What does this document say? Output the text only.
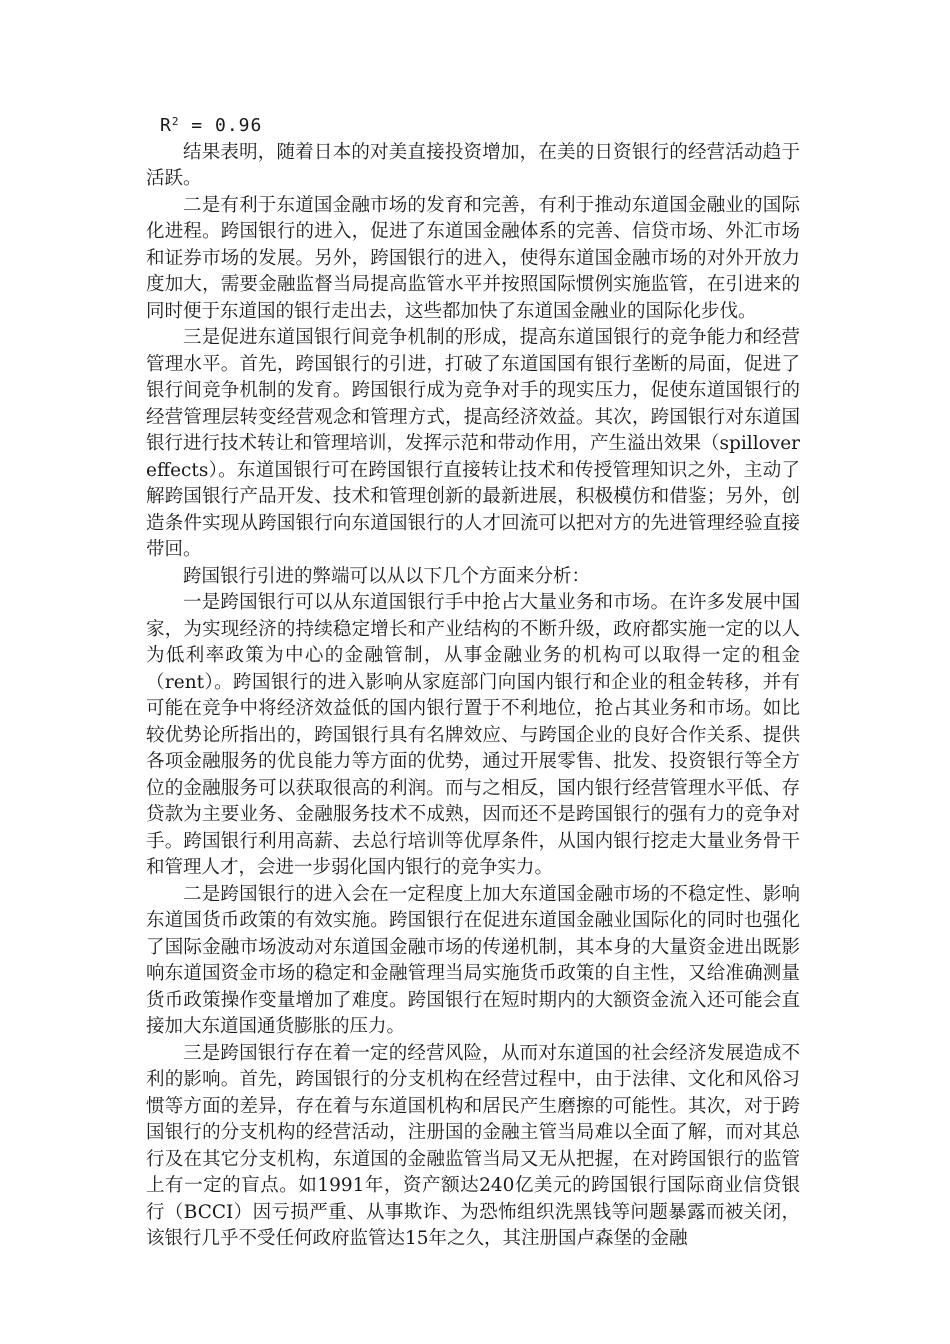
$R^2 = 0.96$

结果表明，随着日本的对美直接投资增加，在美的日资银行的经营活动趋于活跃。

二是有利于东道国金融市场的发育和完善，有利于推动东道国金融业的国际化进程。跨国银行的进入，促进了东道国金融体系的完善、信贷市场、外汇市场和证券市场的发展。另外，跨国银行的进入，使得东道国金融市场的对外开放力度加大，需要金融监督当局提高监管水平并按照国际惯例实施监管，在引进来的同时便于东道国的银行走出去，这些都加快了东道国金融业的国际化步伐。

三是促进东道国银行间竞争机制的形成，提高东道国银行的竞争能力和经营管理水平。首先，跨国银行的引进，打破了东道国国有银行垄断的局面，促进了银行间竞争机制的发育。跨国银行成为竞争对手的现实压力，促使东道国银行的经营管理层转变经营观念和管理方式，提高经济效益。其次，跨国银行对东道国银行进行技术转让和管理培训，发挥示范和带动作用，产生溢出效果（spillover effects）。东道国银行可在跨国银行直接转让技术和传授管理知识之外，主动了解跨国银行产品开发、技术和管理创新的最新进展，积极模仿和借鉴；另外，创造条件实现从跨国银行向东道国银行的人才回流可以把对方的先进管理经验直接带回。

跨国银行引进的弊端可以从以下几个方面来分析：

一是跨国银行可以从东道国银行手中抢占大量业务和市场。在许多发展中国家，为实现经济的持续稳定增长和产业结构的不断升级，政府都实施一定的以人为低利率政策为中心的金融管制，从事金融业务的机构可以取得一定的租金（rent）。跨国银行的进入影响从家庭部门向国内银行和企业的租金转移，并有可能在竞争中将经济效益低的国内银行置于不利地位，抢占其业务和市场。如比较优势论所指出的，跨国银行具有名牌效应、与跨国企业的良好合作关系、提供各项金融服务的优良能力等方面的优势，通过开展零售、批发、投资银行等全方位的金融服务可以获取很高的利润。而与之相反，国内银行经营管理水平低、存贷款为主要业务、金融服务技术不成熟，因而还不是跨国银行的强有力的竞争对手。跨国银行利用高薪、去总行培训等优厚条件，从国内银行挖走大量业务骨干和管理人才，会进一步弱化国内银行的竞争实力。

二是跨国银行的进入会在一定程度上加大东道国金融市场的不稳定性、影响东道国货币政策的有效实施。跨国银行在促进东道国金融业国际化的同时也强化了国际金融市场波动对东道国金融市场的传递机制，其本身的大量资金进出既影响东道国资金市场的稳定和金融管理当局实施货币政策的自主性，又给准确测量货币政策操作变量增加了难度。跨国银行在短时期内的大额资金流入还可能会直接加大东道国通货膨胀的压力。

三是跨国银行存在着一定的经营风险，从而对东道国的社会经济发展造成不利的影响。首先，跨国银行的分支机构在经营过程中，由于法律、文化和风俗习惯等方面的差异，存在着与东道国机构和居民产生磨擦的可能性。其次，对于跨国银行的分支机构的经营活动，注册国的金融主管当局难以全面了解，而对其总行及在其它分支机构，东道国的金融监管当局又无从把握，在对跨国银行的监管上有一定的盲点。如1991年，资产额达240亿美元的跨国银行国际商业信贷银行（BCCI）因亏损严重、从事欺诈、为恐怖组织洗黑钱等问题暴露而被关闭，该银行几乎不受任何政府监管达15年之久，其注册国卢森堡的金融
